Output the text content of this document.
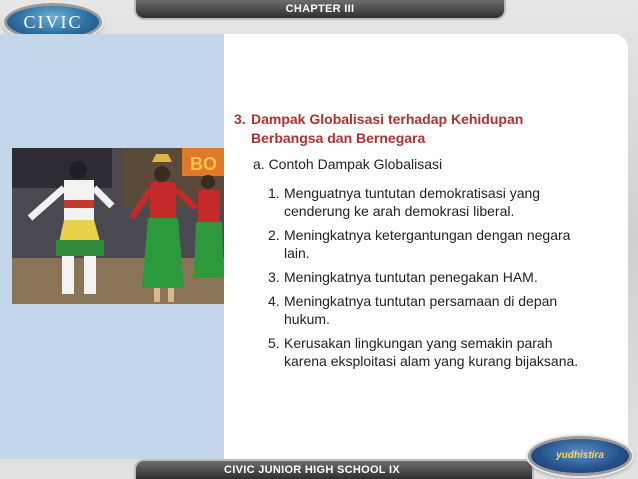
CHAPTER III
CIVIC
BO
3. Dampak Globalisasi terhadap Kehidupan
Berbangsa dan Bernegara
a. Contoh Dampak Globalisasi
1. Menguatnya tuntutan demokratisasi yang cenderung ke arah demokrasi liberal.
2. Meningkatnya ketergantungan dengan negara lain.
3. Meningkatnya tuntutan penegakan HAM.
4. Meningkatnya tuntutan persamaan di depan hukum.
5. Kerusakan lingkungan yang semakin parah karena eksploitasi alam yang kurang bijaksana.
CIVIC JUNIOR HIGH SCHOOL IX
yudhistira
